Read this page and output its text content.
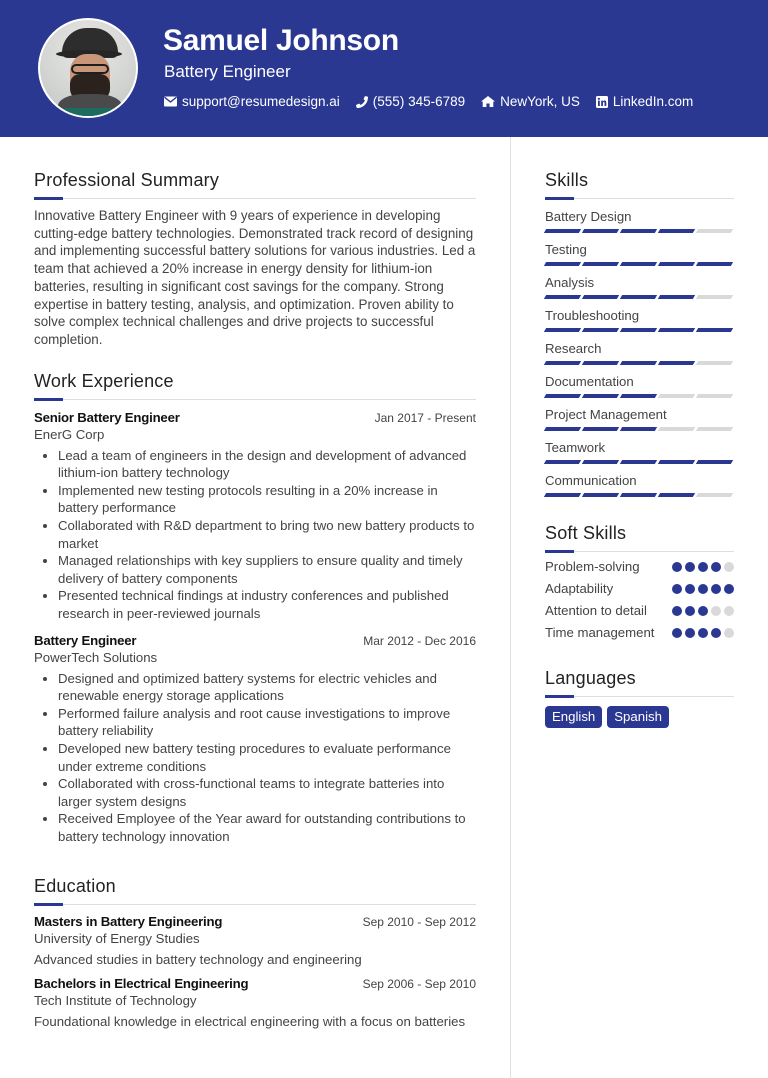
Samuel Johnson
Battery Engineer
support@resumedesign.ai (555) 345-6789	NewYork, US LinkedIn.com
Professional Summary

Innovative Battery Engineer with 9 years of experience in developing cutting-edge battery technologies. Demonstrated track record of designing and implementing successful battery solutions for various industries. Led a team that achieved a 20% increase in energy density for lithium-ion batteries, resulting in significant cost savings for the company. Strong expertise in battery testing, analysis, and optimization. Proven ability to solve complex technical challenges and drive projects to successful completion.

Work Experience
Senior Battery Engineer	Jan 2017 - Present
EnerG Corp
• Lead a team of engineers in the design and development of advanced lithium-ion battery technology
• Implemented new testing protocols resulting in a 20% increase in battery performance
• Collaborated with R&D department to bring two new battery products to market
• Managed relationships with key suppliers to ensure quality and timely delivery of battery components
• Presented technical findings at industry conferences and published research in peer-reviewed journals
Battery Engineer	Mar 2012 - Dec 2016
PowerTech Solutions
• Designed and optimized battery systems for electric vehicles and renewable energy storage applications
• Performed failure analysis and root cause investigations to improve battery reliability
• Developed new battery testing procedures to evaluate performance under extreme conditions
• Collaborated with cross-functional teams to integrate batteries into larger system designs
• Received Employee of the Year award for outstanding contributions to battery technology innovation
Education
Masters in Battery Engineering	Sep 2010 - Sep 2012
University of Energy Studies
Advanced studies in battery technology and engineering
Bachelors in Electrical Engineering	Sep 2006 - Sep 2010
Tech Institute of Technology
Foundational knowledge in electrical engineering with a focus on batteries
Skills
Battery Design
Testing
Analysis
Troubleshooting
Research
Documentation
Project Management
Teamwork
Communication
Soft Skills
Problem-solving
Adaptability
Attention to detail
Time management
Languages
English	Spanish
